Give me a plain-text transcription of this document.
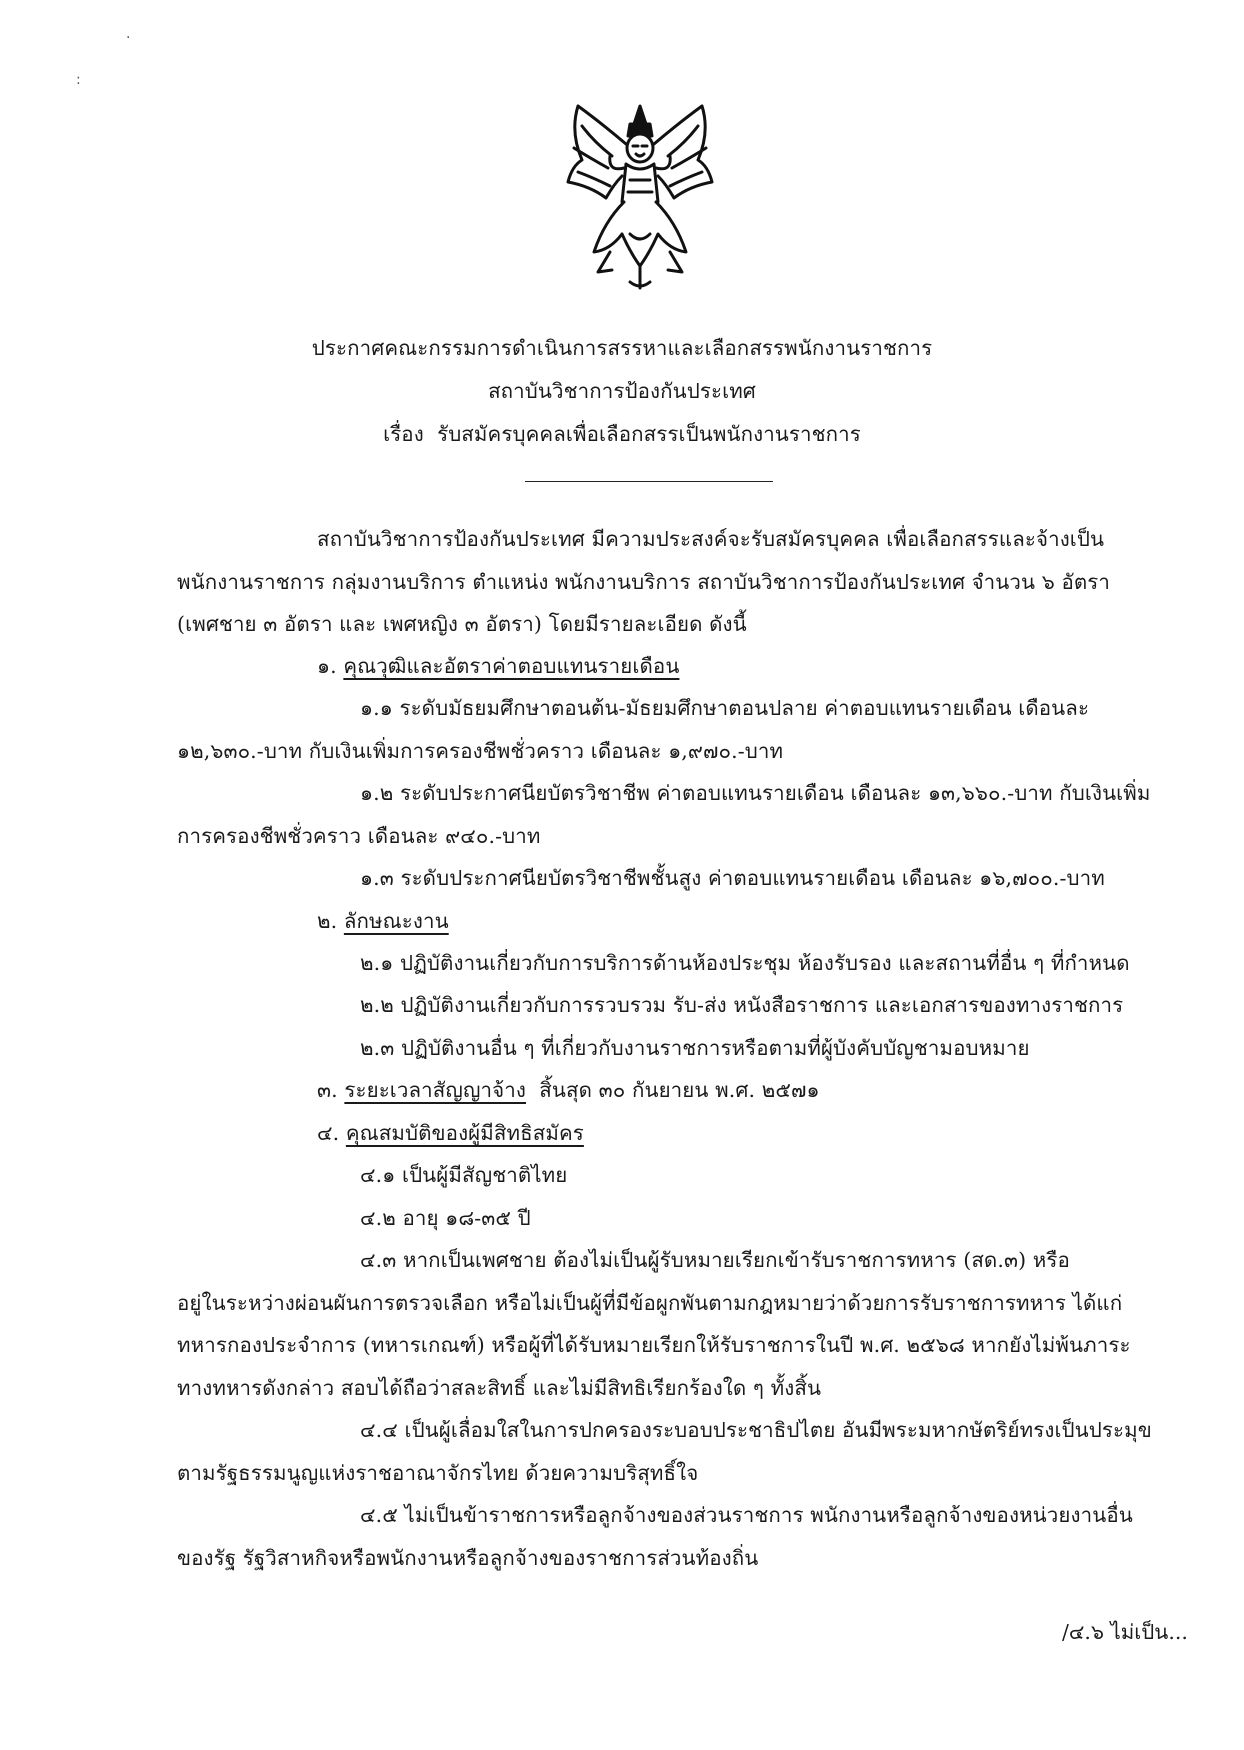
·
:
ประกาศคณะกรรมการดำเนินการสรรหาและเลือกสรรพนักงานราชการ
สถาบันวิชาการป้องกันประเทศ
เรื่อง รับสมัครบุคคลเพื่อเลือกสรรเป็นพนักงานราชการ
สถาบันวิชาการป้องกันประเทศ มีความประสงค์จะรับสมัครบุคคล เพื่อเลือกสรรและจ้างเป็น
พนักงานราชการ กลุ่มงานบริการ ตำแหน่ง พนักงานบริการ สถาบันวิชาการป้องกันประเทศ จำนวน ๖ อัตรา
(เพศชาย ๓ อัตรา และ เพศหญิง ๓ อัตรา) โดยมีรายละเอียด ดังนี้
๑. คุณวุฒิและอัตราค่าตอบแทนรายเดือน
๑.๑ ระดับมัธยมศึกษาตอนต้น-มัธยมศึกษาตอนปลาย ค่าตอบแทนรายเดือน เดือนละ
๑๒,๖๓๐.-บาท กับเงินเพิ่มการครองชีพชั่วคราว เดือนละ ๑,๙๗๐.-บาท
๑.๒ ระดับประกาศนียบัตรวิชาชีพ ค่าตอบแทนรายเดือน เดือนละ ๑๓,๖๖๐.-บาท กับเงินเพิ่ม
การครองชีพชั่วคราว เดือนละ ๙๔๐.-บาท
๑.๓ ระดับประกาศนียบัตรวิชาชีพชั้นสูง ค่าตอบแทนรายเดือน เดือนละ ๑๖,๗๐๐.-บาท
๒. ลักษณะงาน
๒.๑ ปฏิบัติงานเกี่ยวกับการบริการด้านห้องประชุม ห้องรับรอง และสถานที่อื่น ๆ ที่กำหนด
๒.๒ ปฏิบัติงานเกี่ยวกับการรวบรวม รับ-ส่ง หนังสือราชการ และเอกสารของทางราชการ
๒.๓ ปฏิบัติงานอื่น ๆ ที่เกี่ยวกับงานราชการหรือตามที่ผู้บังคับบัญชามอบหมาย
๓. ระยะเวลาสัญญาจ้าง สิ้นสุด ๓๐ กันยายน พ.ศ. ๒๕๗๑
๔. คุณสมบัติของผู้มีสิทธิสมัคร
๔.๑ เป็นผู้มีสัญชาติไทย
๔.๒ อายุ ๑๘-๓๕ ปี
๔.๓ หากเป็นเพศชาย ต้องไม่เป็นผู้รับหมายเรียกเข้ารับราชการทหาร (สด.๓) หรือ
อยู่ในระหว่างผ่อนผันการตรวจเลือก หรือไม่เป็นผู้ที่มีข้อผูกพันตามกฎหมายว่าด้วยการรับราชการทหาร ได้แก่
ทหารกองประจำการ (ทหารเกณฑ์) หรือผู้ที่ได้รับหมายเรียกให้รับราชการในปี พ.ศ. ๒๕๖๘ หากยังไม่พ้นภาระ
ทางทหารดังกล่าว สอบได้ถือว่าสละสิทธิ์ และไม่มีสิทธิเรียกร้องใด ๆ ทั้งสิ้น
๔.๔ เป็นผู้เลื่อมใสในการปกครองระบอบประชาธิปไตย อันมีพระมหากษัตริย์ทรงเป็นประมุข
ตามรัฐธรรมนูญแห่งราชอาณาจักรไทย ด้วยความบริสุทธิ์ใจ
๔.๕ ไม่เป็นข้าราชการหรือลูกจ้างของส่วนราชการ พนักงานหรือลูกจ้างของหน่วยงานอื่น
ของรัฐ รัฐวิสาหกิจหรือพนักงานหรือลูกจ้างของราชการส่วนท้องถิ่น
/๔.๖ ไม่เป็น...
